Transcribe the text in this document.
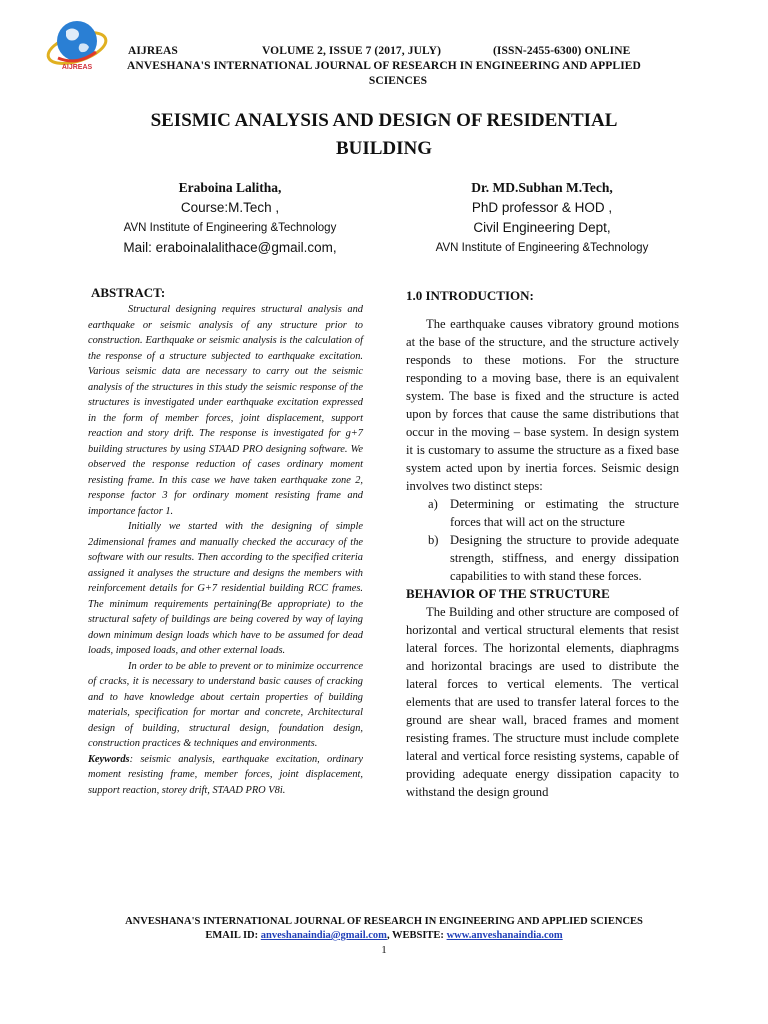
AIJREAS
AIJREAS	VOLUME 2, ISSUE 7 (2017, JULY)	(ISSN-2455-6300) ONLINE
ANVESHANA'S INTERNATIONAL JOURNAL OF RESEARCH IN ENGINEERING AND APPLIED
SCIENCES
SEISMIC ANALYSIS AND DESIGN OF RESIDENTIAL
BUILDING
Eraboina Lalitha,
Course:M.Tech ,
AVN Institute of Engineering &Technology
Mail: eraboinalalithace@gmail.com,
Dr. MD.Subhan M.Tech,
PhD professor & HOD ,
Civil Engineering Dept,
AVN Institute of Engineering &Technology
ABSTRACT:

Structural designing requires structural analysis and earthquake or seismic analysis of any structure prior to construction. Earthquake or seismic analysis is the calculation of the response of a structure subjected to earthquake excitation. Various seismic data are necessary to carry out the seismic analysis of the structures in this study the seismic response of the structures is investigated under earthquake excitation expressed in the form of member forces, joint displacement, support reaction and story drift. The response is investigated for g+7 building structures by using STAAD PRO designing software. We observed the response reduction of cases ordinary moment resisting frame. In this case we have taken earthquake zone 2, response factor 3 for ordinary moment resisting frame and importance factor 1.

Initially we started with the designing of simple 2dimensional frames and manually checked the accuracy of the software with our results. Then according to the specified criteria assigned it analyses the structure and designs the members with reinforcement details for G+7 residential building RCC frames. The minimum requirements pertaining(Be appropriate) to the structural safety of buildings are being covered by way of laying down minimum design loads which have to be assumed for dead loads, imposed loads, and other external loads.

In order to be able to prevent or to minimize occurrence of cracks, it is necessary to understand basic causes of cracking and to have knowledge about certain properties of building materials, specification for mortar and concrete, Architectural design of building, structural design, foundation design, construction practices & techniques and environments.

Keywords: seismic analysis, earthquake excitation, ordinary moment resisting frame, member forces, joint displacement, support reaction, storey drift, STAAD PRO V8i.

1.0 INTRODUCTION:

The earthquake causes vibratory ground motions at the base of the structure, and the structure actively responds to these motions. For the structure responding to a moving base, there is an equivalent system. The base is fixed and the structure is acted upon by forces that cause the same distributions that occur in the moving – base system. In design system it is customary to assume the structure as a fixed base system acted upon by inertia forces. Seismic design involves two distinct steps:

a) Determining or estimating the structure forces that will act on the structure
b) Designing the structure to provide adequate strength, stiffness, and energy dissipation capabilities to with stand these forces.
BEHAVIOR OF THE STRUCTURE

The Building and other structure are composed of horizontal and vertical structural elements that resist lateral forces. The horizontal elements, diaphragms and horizontal bracings are used to distribute the lateral forces to vertical elements. The vertical elements that are used to transfer lateral forces to the ground are shear wall, braced frames and moment resisting frames. The structure must include complete lateral and vertical force resisting systems, capable of providing adequate energy dissipation capacity to withstand the design ground

ANVESHANA'S INTERNATIONAL JOURNAL OF RESEARCH IN ENGINEERING AND APPLIED SCIENCES
EMAIL ID: anveshanaindia@gmail.com, WEBSITE: www.anveshanaindia.com
1
